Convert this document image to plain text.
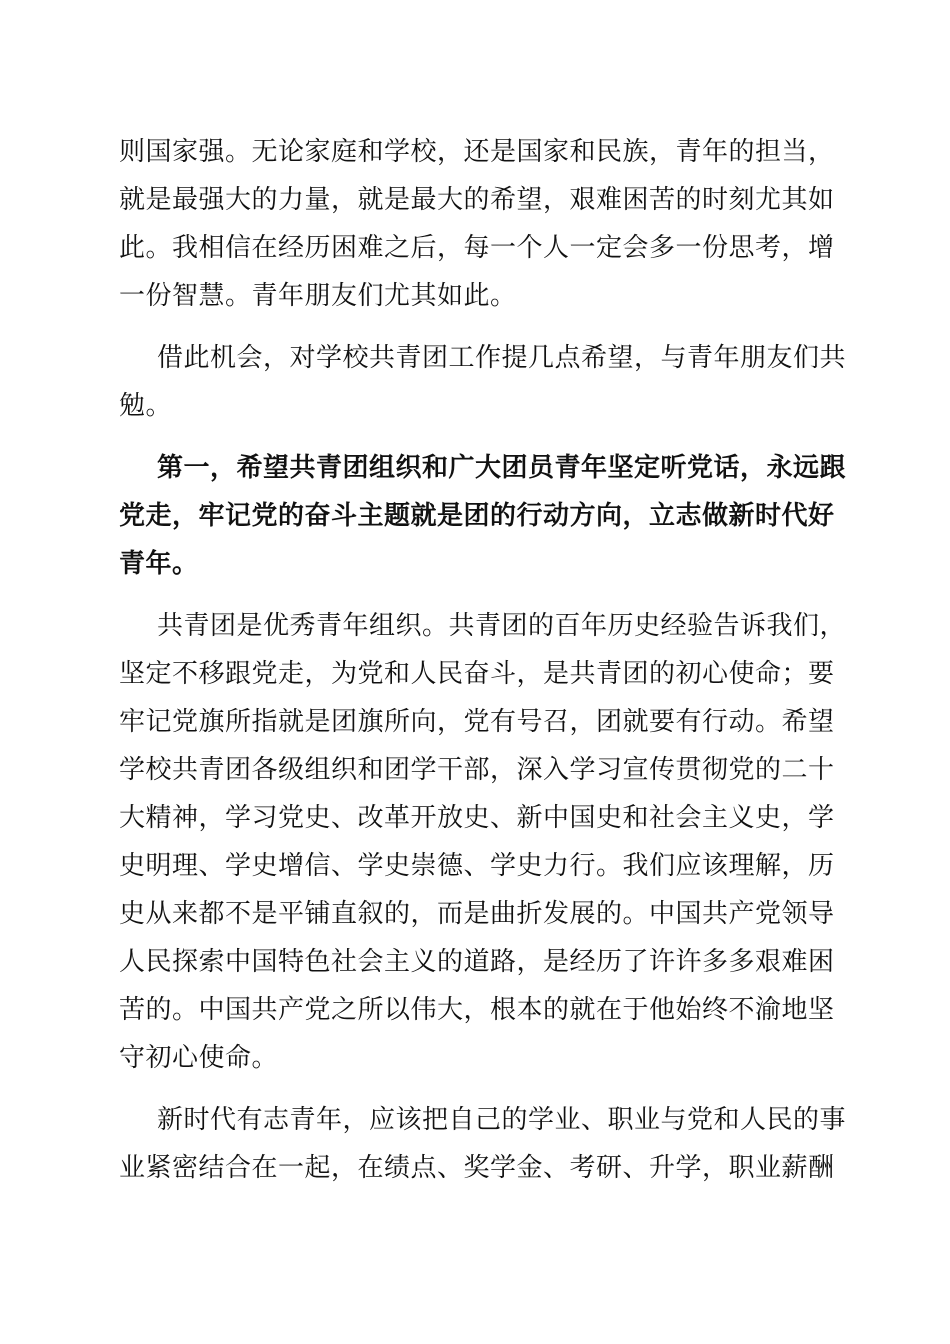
则国家强。无论家庭和学校，还是国家和民族，青年的担当，
就是最强大的力量，就是最大的希望，艰难困苦的时刻尤其如
此。我相信在经历困难之后，每一个人一定会多一份思考，增
一份智慧。青年朋友们尤其如此。

借此机会，对学校共青团工作提几点希望，与青年朋友们共
勉。

第一，希望共青团组织和广大团员青年坚定听党话，永远跟
党走，牢记党的奋斗主题就是团的行动方向，立志做新时代好
青年。

共青团是优秀青年组织。共青团的百年历史经验告诉我们，
坚定不移跟党走，为党和人民奋斗，是共青团的初心使命；要
牢记党旗所指就是团旗所向，党有号召，团就要有行动。希望
学校共青团各级组织和团学干部，深入学习宣传贯彻党的二十
大精神，学习党史、改革开放史、新中国史和社会主义史，学
史明理、学史增信、学史崇德、学史力行。我们应该理解，历
史从来都不是平铺直叙的，而是曲折发展的。中国共产党领导
人民探索中国特色社会主义的道路，是经历了许许多多艰难困
苦的。中国共产党之所以伟大，根本的就在于他始终不渝地坚
守初心使命。

新时代有志青年，应该把自己的学业、职业与党和人民的事
业紧密结合在一起，在绩点、奖学金、考研、升学，职业薪酬
